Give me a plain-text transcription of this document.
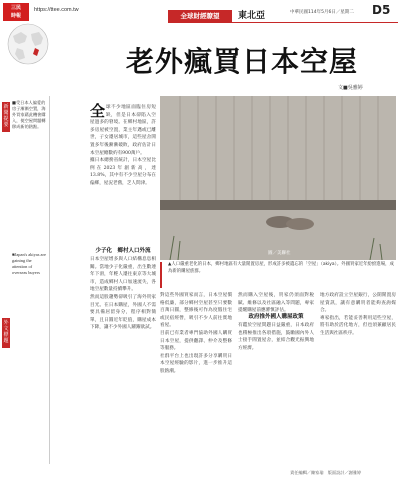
三民
時報
https://ttee.com.tw
全球財經瞭望	東北亞	中華民國114年5月6日／星期二 D5
新聞提要
■受日本人偏愛的房子漸漸空置，海外買家藉此機會購入，使空屋問題轉移成新的熱點。
外文標題
■Japan's akiyas are gaining the attention of overseas buyers
老外瘋買日本空屋
文■吳雅婷
全 球不少地區面臨住房短缺，但是日本卻陷入空屋過多的窘境。在鄉村地區，許多房屋被空置，業主年邁或已離世，子女遷居城市，這些屋舍閒置多年後漸漸破敗，政府估計日本空屋總數約有900萬戶。
據日本總務省統計，日本空屋比例在2023年創新高，達13.8%，其中有不少空屋分布在偏鄉，屋況老舊，乏人問津。
少子化　鄉村人口外流
日本空屋增多與人口結構息息相關。當地少子化嚴重，出生數連年下滑，年輕人遷往東京等大城市，造成鄉村人口加速流失，各地空屋數量持續攀升。
然而這股趨勢卻吸引了海外買家目光。在日本購屋，外國人不需要具備居留身分，程序相對簡單，且日圓近年貶值，購屋成本下降，讓不少外國人躍躍欲試。
圖／美聯社
▲人口嚴重老化的日本，鄉村地區有大量閒置房屋，形成許多被遺忘的「空屋」（akiya）。外國買家近年紛紛進場，成為新的購屋族群。
對這些外國買家而言，日本空屋價格低廉，部分鄉村空屋甚至只要數百萬日圓，整修後可作為度假住宅或民宿經營，吸引不少人前往實地看屋。
目前已有業者專門協助外國人購買日本空屋，提供翻譯、仲介及整修等服務。
社群平台上也出現許多分享購買日本空屋經驗的影片，進一步推升這股熱潮。
然而購入空屋後，買家仍須面對稅賦、維修以及社區融入等問題，專家提醒購屋前應審慎評估。
政府推外國人購屋政策
有鑑於空屋問題日益嚴重，日本政府也積極推出各項措施，鼓勵國內外人士接手閒置屋舍，並結合觀光振興地方經濟。
地方政府設立空屋銀行，公開閒置房屋資訊，讓有意購買者能夠查詢媒合。
專家指出，若能妥善利用這些空屋，將有助於活化地方，但也須兼顧居民生活與社區秩序。
責任編輯／陳家瑜　版面設計／謝雅婷
